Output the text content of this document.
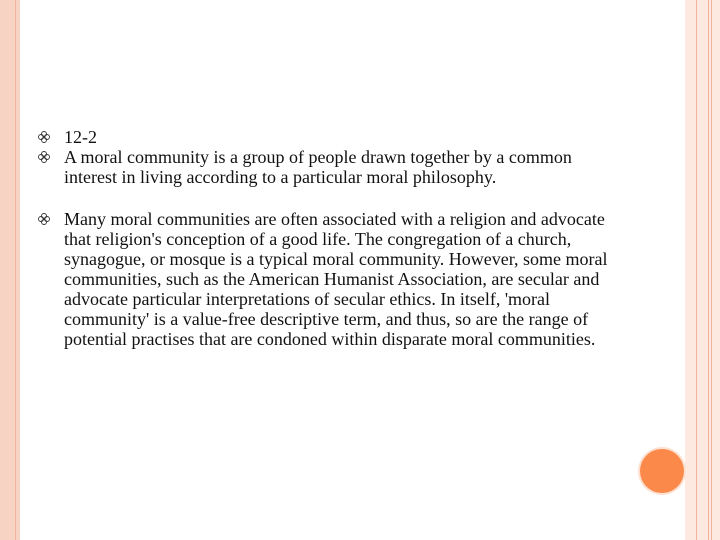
12-2
A moral community is a group of people drawn together by a common interest in living according to a particular moral philosophy.
Many moral communities are often associated with a religion and advocate that religion's conception of a good life. The congregation of a church, synagogue, or mosque is a typical moral community. However, some moral communities, such as the American Humanist Association, are secular and advocate particular interpretations of secular ethics. In itself, 'moral community' is a value-free descriptive term, and thus, so are the range of potential practises that are condoned within disparate moral communities.
